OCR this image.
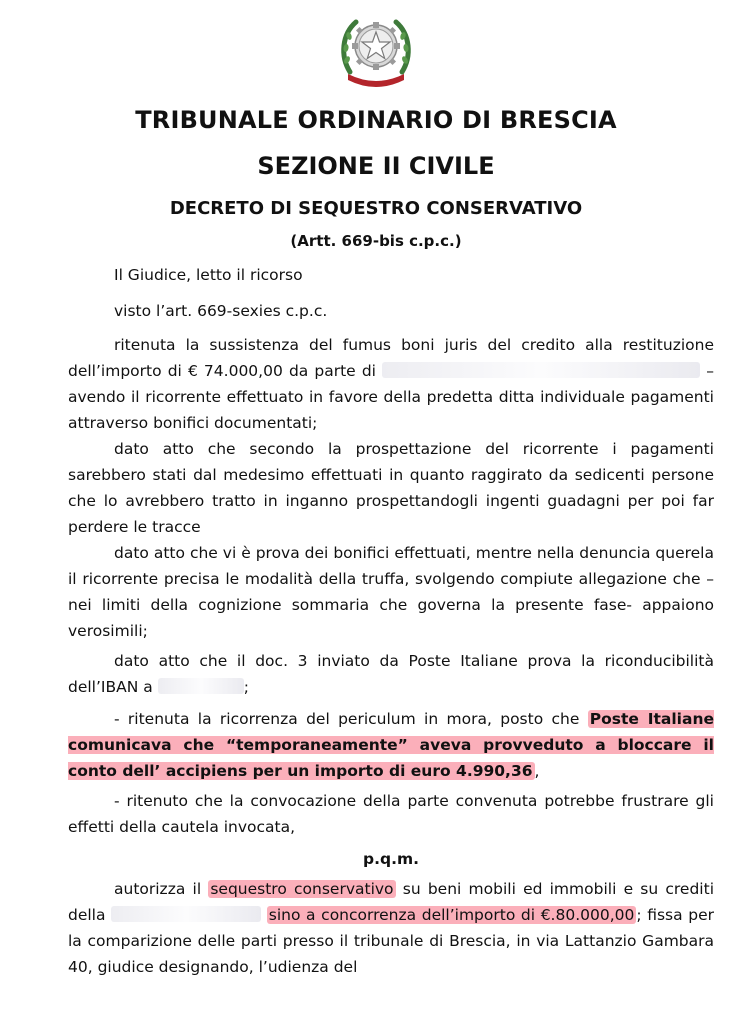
TRIBUNALE ORDINARIO DI BRESCIA
SEZIONE II CIVILE
DECRETO DI SEQUESTRO CONSERVATIVO
(Artt. 669-bis c.p.c.)

Il Giudice, letto il ricorso

visto l’art. 669-sexies c.p.c.

ritenuta la sussistenza del fumus boni juris del credito alla restituzione dell’importo di € 74.000,00 da parte di	– avendo il ricorrente effettuato in favore della predetta ditta individuale pagamenti attraverso bonifici documentati;

dato atto che secondo la prospettazione del ricorrente i pagamenti sarebbero stati dal medesimo effettuati in quanto raggirato da sedicenti persone che lo avrebbero tratto in inganno prospettandogli ingenti guadagni per poi far perdere le tracce

dato atto che vi è prova dei bonifici effettuati, mentre nella denuncia querela il ricorrente precisa le modalità della truffa, svolgendo compiute allegazione che – nei limiti della cognizione sommaria che governa la presente fase- appaiono verosimili;

dato atto che il doc. 3 inviato da Poste Italiane prova la riconducibilità dell’IBAN a	;

- ritenuta la ricorrenza del periculum in mora, posto che Poste Italiane comunicava che “temporaneamente” aveva provveduto a bloccare il conto dell’ accipiens per un importo di euro 4.990,36 ,

- ritenuto che la convocazione della parte convenuta potrebbe frustrare gli effetti della cautela invocata,

p.q.m.

autorizza il sequestro conservativo su beni mobili ed immobili e su crediti della	sino a concorrenza dell’importo di €.80.000,00 ; fissa per la comparizione delle parti presso il tribunale di Brescia, in via Lattanzio Gambara 40, giudice designando, l’udienza del
